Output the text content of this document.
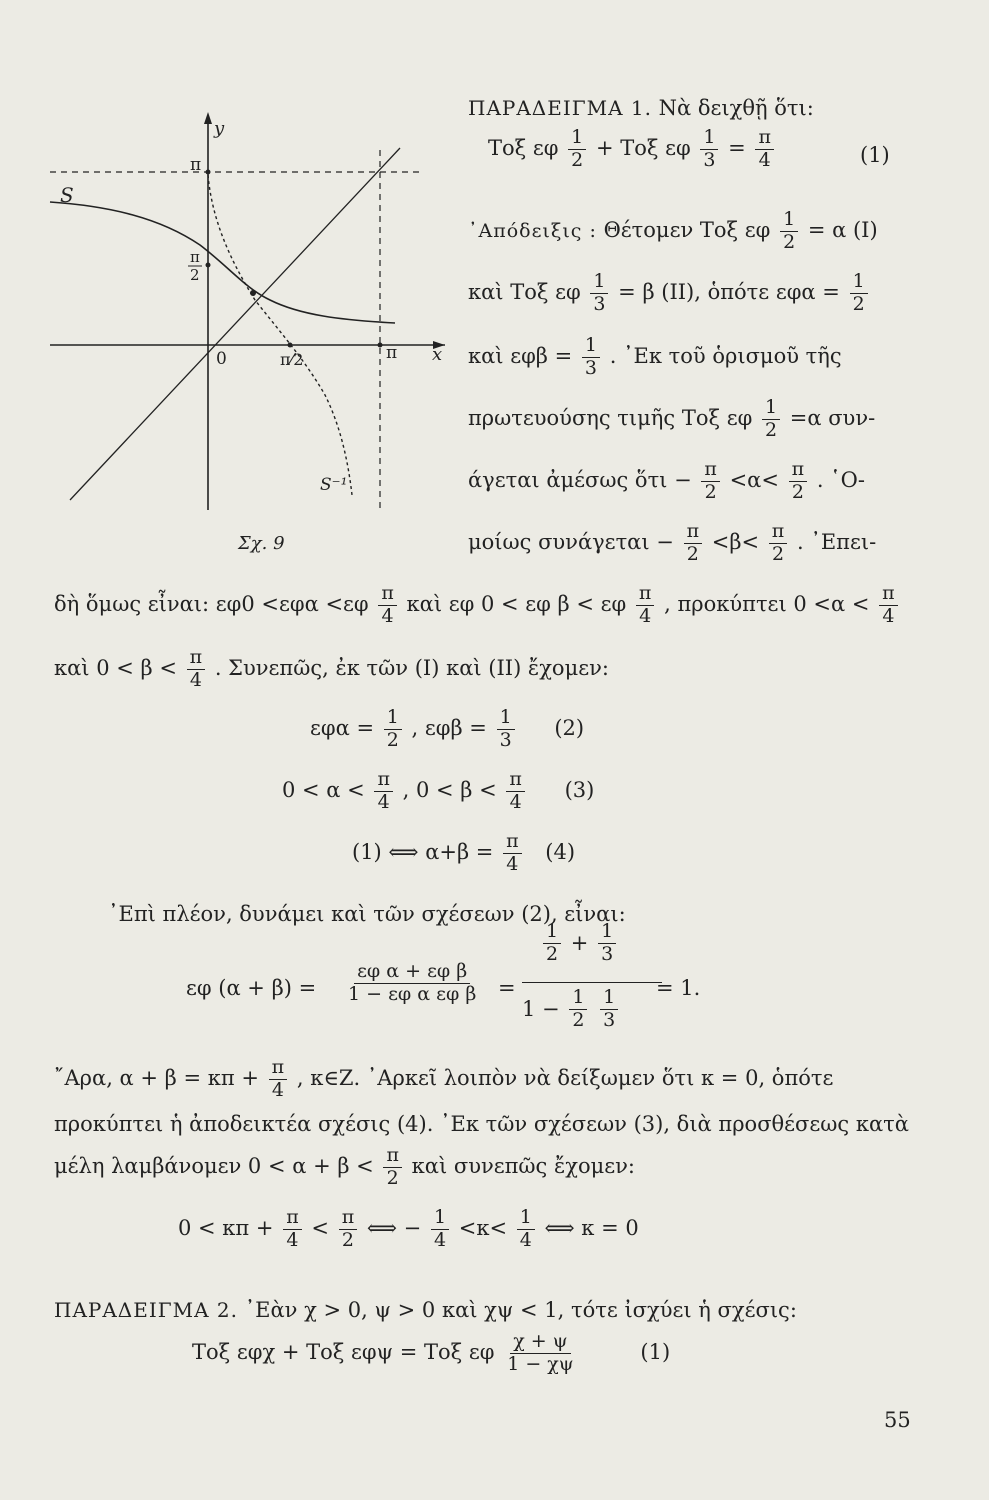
y
π
S
π
2
0	π⁄2	π x
S⁻¹
Σχ. 9
ΠΑΡΑΔΕΙΓΜΑ 1. Νὰ δειχθῇ ὅτι:
Τοξ εφ $\frac{1}{2} + To\xi$ εφ $\frac{1}{3} = \frac{\pi}{4}$	(1)
᾿Απόδειξις : Θέτομεν Τοξ εφ $\frac{1}{2} = \alpha$ (I)
καὶ Τοξ εφ $\frac{1}{3} = \beta$ (II), ὁπότε $\varepsilon\varphi\alpha = \frac{1}{2}$
καὶ $\varepsilon\varphi\beta = \frac{1}{3}$ . ᾿Εκ τοῦ ὁρισμοῦ τῆς
πρωτευούσης τιμῆς Τοξ εφ $\frac{1}{2} =\alpha$ συν-
άγεται ἀμέσως ὅτι − $\frac{\pi}{2} <\alpha< \frac{\pi}{2}$ . ῾Ο-
μοίως $\sigma\upsilon\nu ά\gamma\varepsilon\tau\alpha\iota - \frac{\pi}{2} <\beta< \frac{\pi}{2}$ . ᾿Επει-
δὴ ὅμως εἶναι: $\varepsilon\varphi 0 <\varepsilon\varphi\alpha <\varepsilon\varphi \frac{\pi}{4}$ καὶ εφ 0 < εφ β < εφ $\frac{\pi}{4}$ , προκύπτει $0 <\alpha < \frac{\pi}{4}$
καὶ $0 < \beta < \frac{\pi}{4}$ . Συνεπῶς, ἐκ τῶν (I) καὶ (II) ἔχομεν:
$\varepsilon\varphi\alpha = \frac{1}{2}$ , $\varepsilon\varphi\beta = \frac{1}{3} (2)$
$0 < \alpha < \frac{\pi}{4}$ , $0 < \beta < \frac{\pi}{4} (3)$
(1) ⟺ $\alpha+\beta = \frac{\pi}{4} (4)$
᾿Επὶ πλέον, δυνάμει καὶ τῶν σχέσεων (2), εἶναι:
εφ $(\alpha + \beta) = \frac{\text{εφ α + εφ β}}{\text{1 − εφ α εφ β}}$ =
$\frac{1}{2} + \frac{1}{3}$
$1 - \frac{1}{2}$
$\frac{1}{3} = 1$.
῎Αρα, $\alpha + \beta = \kappa\pi + \frac{\pi}{4}$ , κ∈Ζ. ᾿Αρκεῖ λοιπὸν νὰ δείξωμεν ὅτι κ = 0, ὁπότε
προκύπτει ἡ ἀποδεικτέα σχέσις (4). ᾿Εκ τῶν σχέσεων (3), διὰ προσθέσεως κατὰ
μέλη λαμβάνομεν $0 < \alpha + \beta < \frac{\pi}{2}$ καὶ συνεπῶς ἔχομεν:
$0 < \kappa\pi + \frac{\pi}{4} < \frac{\pi}{2}$ ⟺ − $\frac{1}{4} <\kappa< \frac{1}{4}$ ⟺ κ = 0
ΠΑΡΑΔΕΙΓΜΑ 2. ᾿Εὰν χ > 0, ψ > 0 καὶ χψ < 1, τότε ἰσχύει ἡ σχέσις:
Τοξ εφχ + Τοξ εφψ = Τοξ εφ $\frac{\chi + \psi}{1 - \chi\psi}$	(1)
55
